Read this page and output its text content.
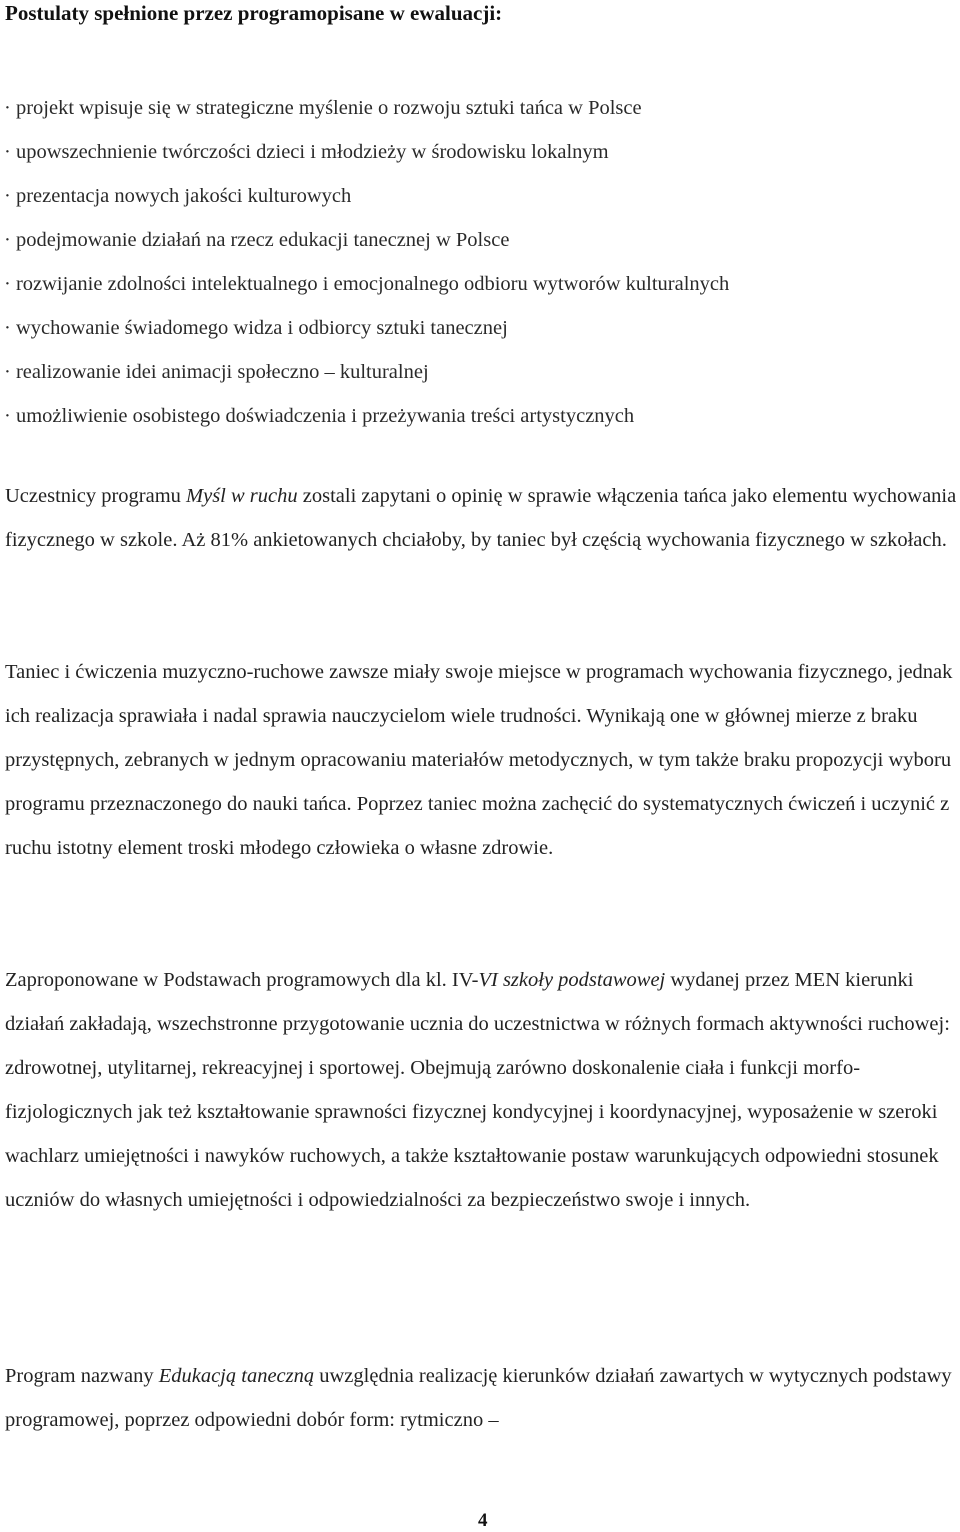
Postulaty spełnione przez programopisane w ewaluacji:
· projekt wpisuje się w strategiczne myślenie o rozwoju sztuki tańca w Polsce
· upowszechnienie twórczości dzieci i młodzieży w środowisku lokalnym
· prezentacja nowych jakości kulturowych
· podejmowanie działań na rzecz edukacji tanecznej w Polsce
· rozwijanie zdolności intelektualnego i emocjonalnego odbioru wytworów kulturalnych
· wychowanie świadomego widza i odbiorcy sztuki tanecznej
· realizowanie idei animacji społeczno – kulturalnej
· umożliwienie osobistego doświadczenia i przeżywania treści artystycznych

Uczestnicy programu Myśl w ruchu zostali zapytani o opinię w sprawie włączenia tańca jako elementu wychowania fizycznego w szkole. Aż 81% ankietowanych chciałoby, by taniec był częścią wychowania fizycznego w szkołach.

Taniec i ćwiczenia muzyczno-ruchowe zawsze miały swoje miejsce w programach wychowania fizycznego, jednak ich realizacja sprawiała i nadal sprawia nauczycielom wiele trudności. Wynikają one w głównej mierze z braku przystępnych, zebranych w jednym opracowaniu materiałów metodycznych, w tym także braku propozycji wyboru programu przeznaczonego do nauki tańca. Poprzez taniec można zachęcić do systematycznych ćwiczeń i uczynić z ruchu istotny element troski młodego człowieka o własne zdrowie.

Zaproponowane w Podstawach programowych dla kl. IV-VI szkoły podstawowej wydanej przez MEN kierunki działań zakładają, wszechstronne przygotowanie ucznia do uczestnictwa w różnych formach aktywności ruchowej: zdrowotnej, utylitarnej, rekreacyjnej i sportowej. Obejmują zarówno doskonalenie ciała i funkcji morfo-fizjologicznych jak też kształtowanie sprawności fizycznej kondycyjnej i koordynacyjnej, wyposażenie w szeroki wachlarz umiejętności i nawyków ruchowych, a także kształtowanie postaw warunkujących odpowiedni stosunek uczniów do własnych umiejętności i odpowiedzialności za bezpieczeństwo swoje i innych.

Program nazwany Edukacją taneczną uwzględnia realizację kierunków działań zawartych w wytycznych podstawy programowej, poprzez odpowiedni dobór form: rytmiczno –

4
